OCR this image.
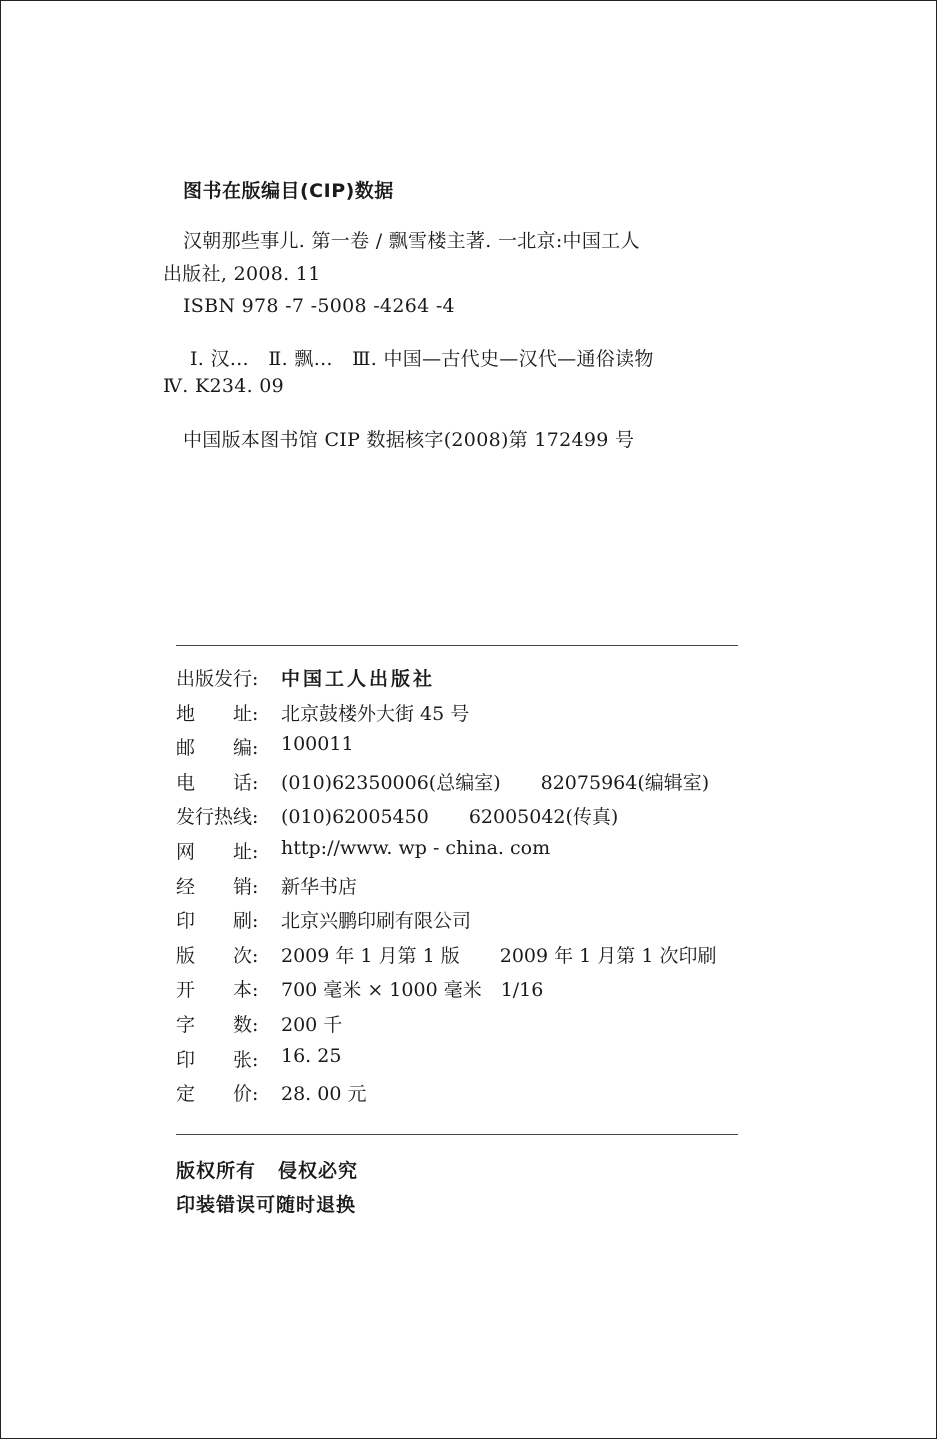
图书在版编目(CIP)数据
汉朝那些事儿. 第一卷 / 飘雪楼主著. 一北京:中国工人
出版社, 2008. 11
ISBN 978 -7 -5008 -4264 -4
Ⅰ. 汉…　Ⅱ. 飘…　Ⅲ. 中国—古代史—汉代—通俗读物
Ⅳ. K234. 09
中国版本图书馆 CIP 数据核字(2008)第 172499 号
出版发行:	中国工人出版社
地　　址:	北京鼓楼外大街 45 号
邮　　编:	100011
电　　话:	(010)62350006(总编室) 82075964(编辑室)
发行热线:	(010)62005450 62005042(传真)
网　　址:	http://www. wp - china. com
经　　销:	新华书店
印　　刷:	北京兴鹏印刷有限公司
版　　次:	2009 年 1 月第 1 版 2009 年 1 月第 1 次印刷
开　　本:	700 毫米 × 1000 毫米　1/16
字　　数:	200 千
印　　张:	16. 25
定　　价:	28. 00 元
版权所有 侵权必究
印装错误可随时退换
